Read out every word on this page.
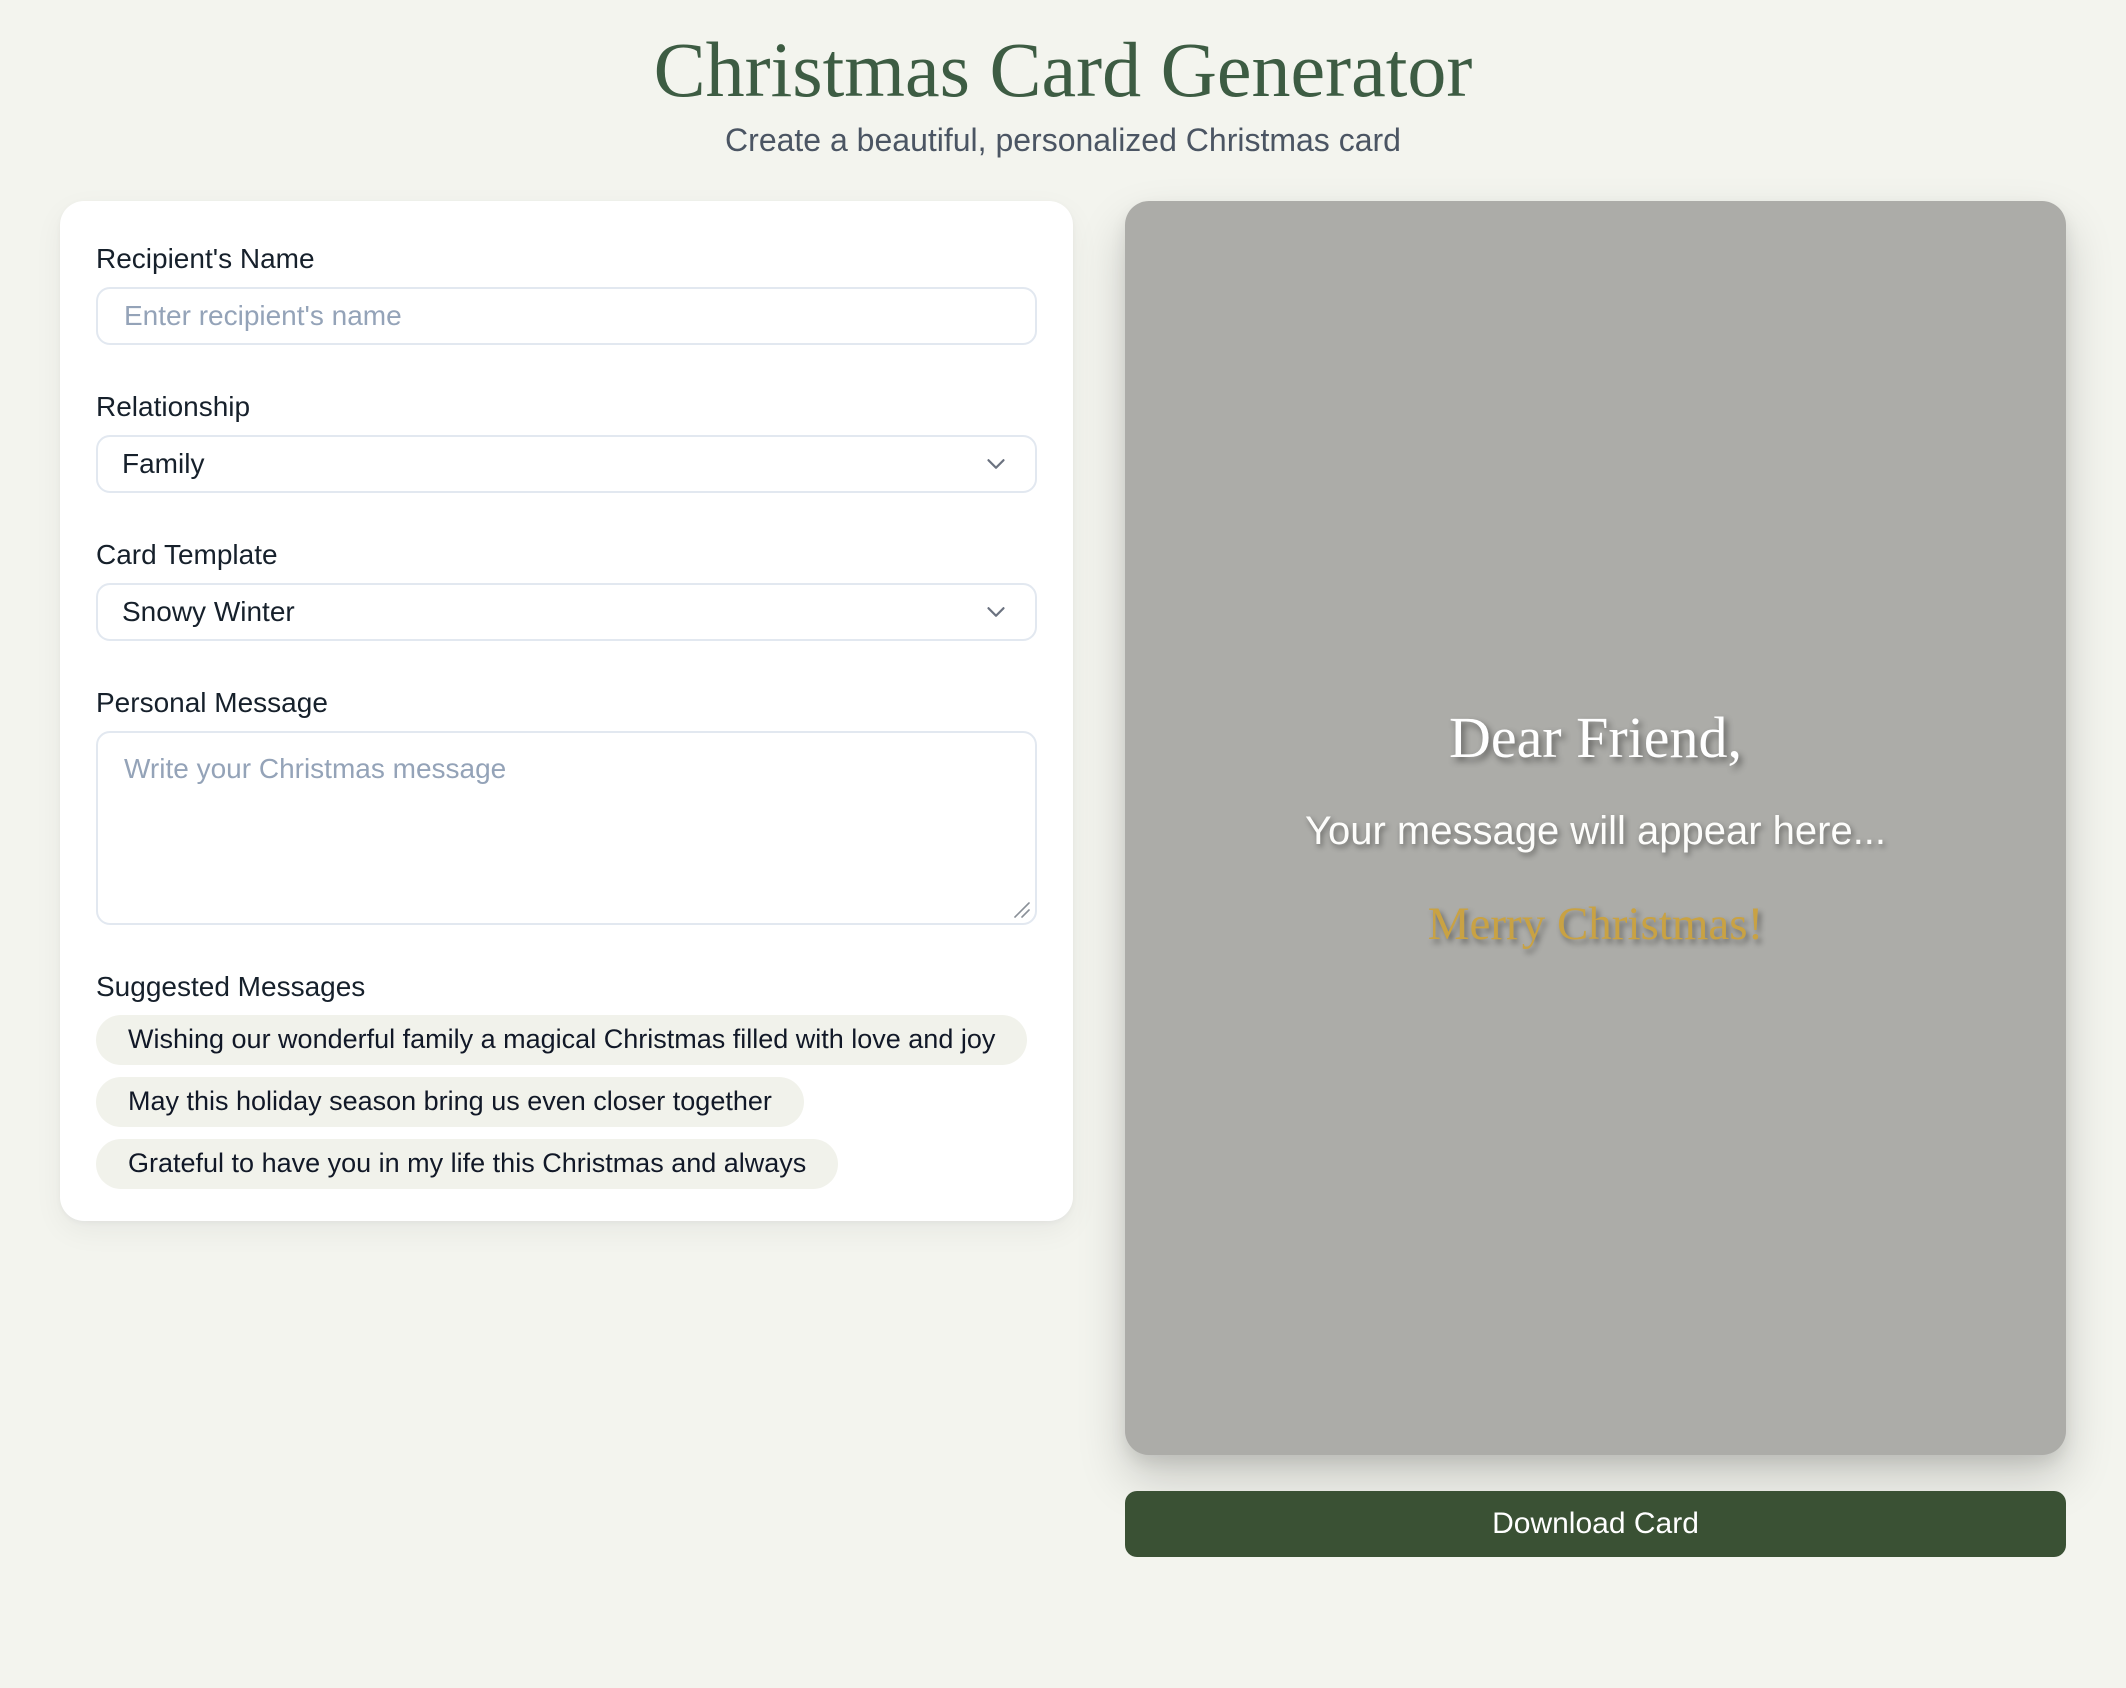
Christmas Card Generator

Create a beautiful, personalized Christmas card

Recipient's Name
Enter recipient's name
Relationship
Family
Card Template
Snowy Winter
Personal Message
Write your Christmas message
Suggested Messages
Wishing our wonderful family a magical Christmas filled with love and joy
May this holiday season bring us even closer together
Grateful to have you in my life this Christmas and always

Dear Friend,

Your message will appear here...

Merry Christmas!

Download Card
